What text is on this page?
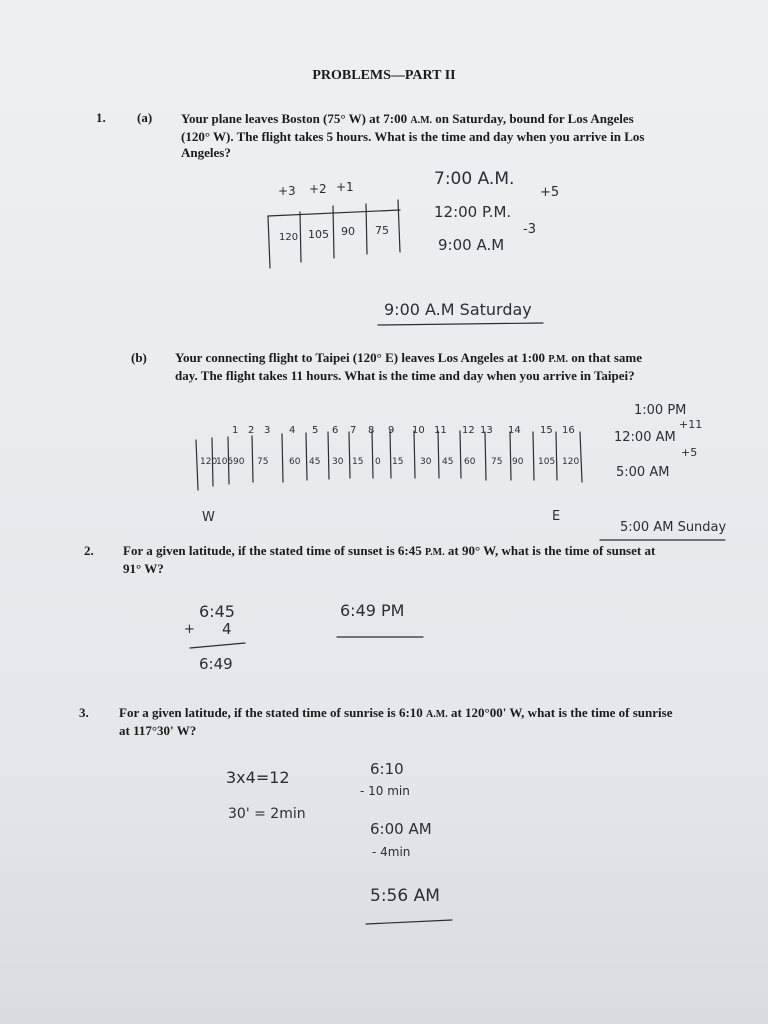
PROBLEMS—PART II
1. (a) Your plane leaves Boston (75° W) at 7:00 A.M. on Saturday, bound for Los Angeles (120° W). The flight takes 5 hours. What is the time and day when you arrive in Los Angeles?
+3 +2 +1
120 105 90 75
7:00 A.M.
+5
12:00 P.M.
-3
9:00 A.M
9:00 A.M Saturday
(b) Your connecting flight to Taipei (120° E) leaves Los Angeles at 1:00 P.M. on that same day. The flight takes 11 hours. What is the time and day when you arrive in Taipei?
1 2 3 4 5 6 7 8 9 10 11 12 13 14 15 16
120
105 90 75 60 45 30 15 0 15 30 45 60 75 90 105 120
1:00 PM
+11
12:00 AM
+5
5:00 AM
W	E
5:00 AM Sunday
2. For a given latitude, if the stated time of sunset is 6:45 P.M. at 90° W, what is the time of sunset at 91° W?
6:45
+ 4
6:49
6:49 PM
3. For a given latitude, if the stated time of sunrise is 6:10 A.M. at 120°00' W, what is the time of sunrise at 117°30' W?
3x4=12
30' = 2min
6:10
- 10 min
6:00 AM
- 4min
5:56 AM
